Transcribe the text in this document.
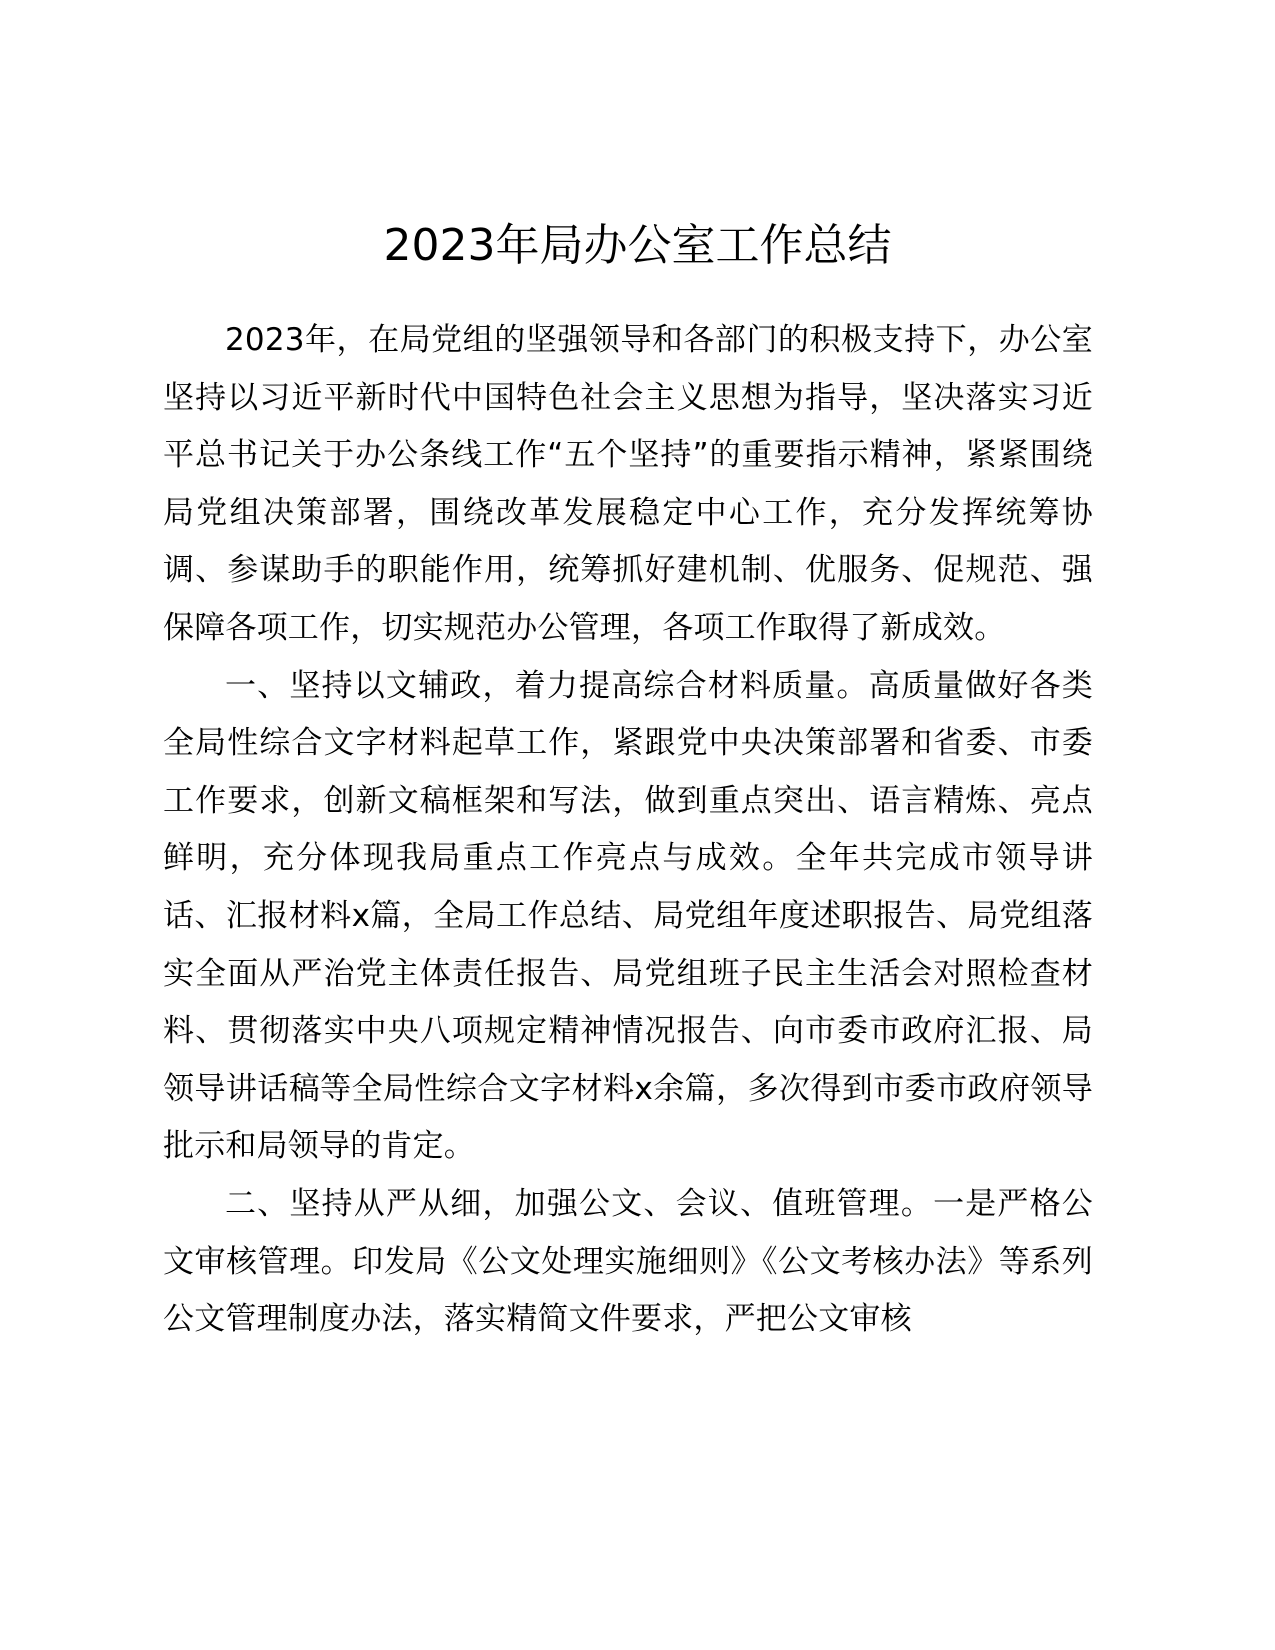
2023年局办公室工作总结

2023年，在局党组的坚强领导和各部门的积极支持下，办公室坚持以习近平新时代中国特色社会主义思想为指导，坚决落实习近平总书记关于办公条线工作“五个坚持”的重要指示精神，紧紧围绕局党组决策部署，围绕改革发展稳定中心工作，充分发挥统筹协调、参谋助手的职能作用，统筹抓好建机制、优服务、促规范、强保障各项工作，切实规范办公管理，各项工作取得了新成效。

一、坚持以文辅政，着力提高综合材料质量。高质量做好各类全局性综合文字材料起草工作，紧跟党中央决策部署和省委、市委工作要求，创新文稿框架和写法，做到重点突出、语言精炼、亮点鲜明，充分体现我局重点工作亮点与成效。全年共完成市领导讲话、汇报材料x篇，全局工作总结、局党组年度述职报告、局党组落实全面从严治党主体责任报告、局党组班子民主生活会对照检查材料、贯彻落实中央八项规定精神情况报告、向市委市政府汇报、局领导讲话稿等全局性综合文字材料x余篇，多次得到市委市政府领导批示和局领导的肯定。

二、坚持从严从细，加强公文、会议、值班管理。一是严格公文审核管理。印发局《公文处理实施细则》《公文考核办法》等系列公文管理制度办法，落实精简文件要求，严把公文审核
